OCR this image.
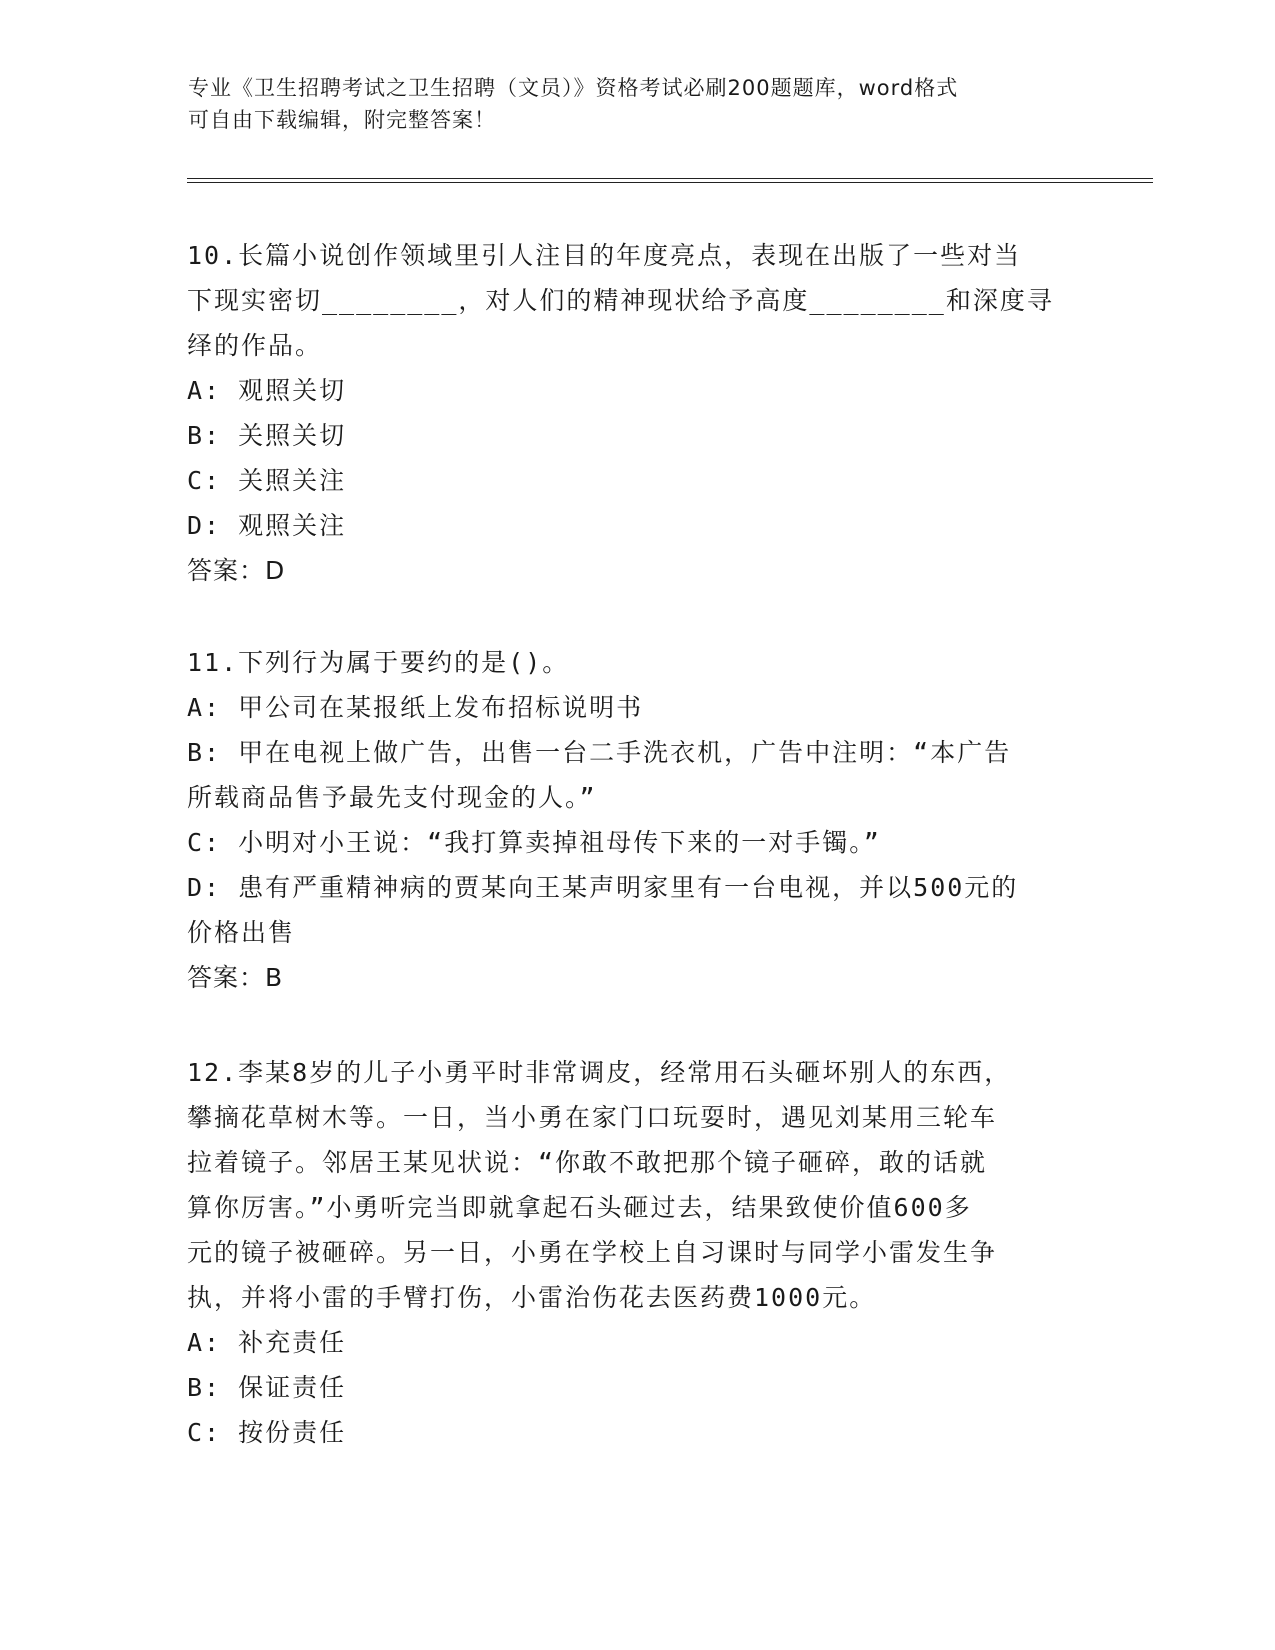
专业《卫生招聘考试之卫生招聘（文员）》资格考试必刷200题题库，word格式
可自由下载编辑，附完整答案！
10.长篇小说创作领域里引人注目的年度亮点，表现在出版了一些对当
下现实密切________，对人们的精神现状给予高度________和深度寻
绎的作品。
A: 观照关切
B: 关照关切
C: 关照关注
D: 观照关注
答案：D
11.下列行为属于要约的是()。
A: 甲公司在某报纸上发布招标说明书
B: 甲在电视上做广告，出售一台二手洗衣机，广告中注明：“本广告
所载商品售予最先支付现金的人。”
C: 小明对小王说：“我打算卖掉祖母传下来的一对手镯。”
D: 患有严重精神病的贾某向王某声明家里有一台电视，并以500元的
价格出售
答案：B
12.李某8岁的儿子小勇平时非常调皮，经常用石头砸坏别人的东西，
攀摘花草树木等。一日，当小勇在家门口玩耍时，遇见刘某用三轮车
拉着镜子。邻居王某见状说：“你敢不敢把那个镜子砸碎，敢的话就
算你厉害。”小勇听完当即就拿起石头砸过去，结果致使价值600多
元的镜子被砸碎。另一日，小勇在学校上自习课时与同学小雷发生争
执，并将小雷的手臂打伤，小雷治伤花去医药费1000元。
A: 补充责任
B: 保证责任
C: 按份责任
